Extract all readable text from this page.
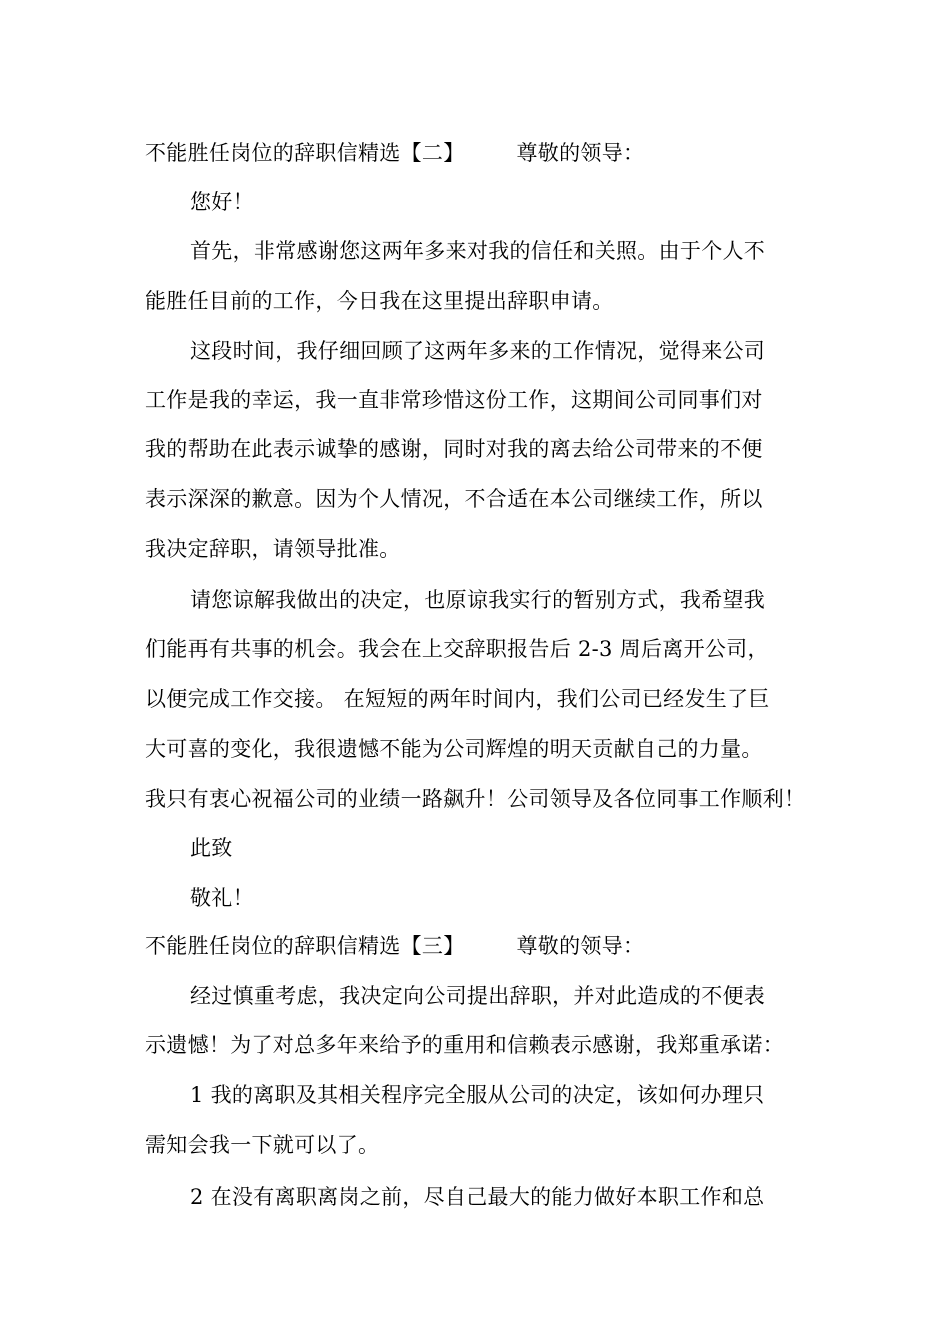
不能胜任岗位的辞职信精选【二】 尊敬的领导：
您好！
首先，非常感谢您这两年多来对我的信任和关照。由于个人不
能胜任目前的工作，今日我在这里提出辞职申请。
这段时间，我仔细回顾了这两年多来的工作情况，觉得来公司
工作是我的幸运，我一直非常珍惜这份工作，这期间公司同事们对
我的帮助在此表示诚挚的感谢，同时对我的离去给公司带来的不便
表示深深的歉意。因为个人情况，不合适在本公司继续工作，所以
我决定辞职，请领导批准。
请您谅解我做出的决定，也原谅我实行的暂别方式，我希望我
们能再有共事的机会。我会在上交辞职报告后 2-3 周后离开公司，
以便完成工作交接。 在短短的两年时间内，我们公司已经发生了巨
大可喜的变化，我很遗憾不能为公司辉煌的明天贡献自己的力量。
我只有衷心祝福公司的业绩一路飙升！公司领导及各位同事工作顺利！
此致
敬礼！
不能胜任岗位的辞职信精选【三】 尊敬的领导：
经过慎重考虑，我决定向公司提出辞职，并对此造成的不便表
示遗憾！为了对总多年来给予的重用和信赖表示感谢，我郑重承诺：
1 我的离职及其相关程序完全服从公司的决定，该如何办理只
需知会我一下就可以了。
2 在没有离职离岗之前，尽自己最大的能力做好本职工作和总
